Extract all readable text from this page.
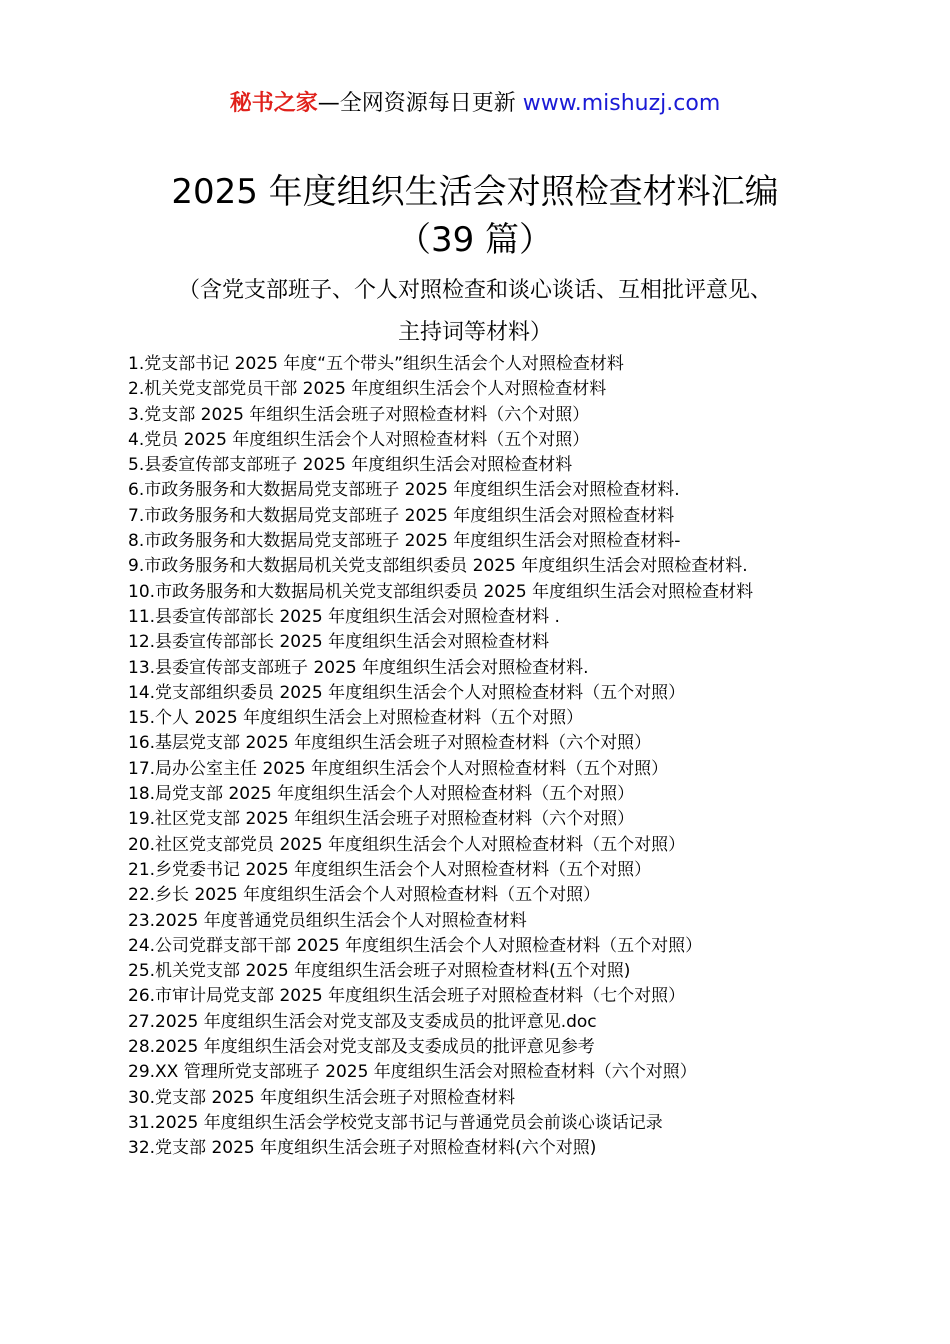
秘书之家—全网资源每日更新 www.mishuzj.com
2025 年度组织生活会对照检查材料汇编
（39 篇）
（含党支部班子、个人对照检查和谈心谈话、互相批评意见、
主持词等材料）
1.党支部书记 2025 年度“五个带头”组织生活会个人对照检查材料
2.机关党支部党员干部 2025 年度组织生活会个人对照检查材料
3.党支部 2025 年组织生活会班子对照检查材料（六个对照）
4.党员 2025 年度组织生活会个人对照检查材料（五个对照）
5.县委宣传部支部班子 2025 年度组织生活会对照检查材料
6.市政务服务和大数据局党支部班子 2025 年度组织生活会对照检查材料.
7.市政务服务和大数据局党支部班子 2025 年度组织生活会对照检查材料
8.市政务服务和大数据局党支部班子 2025 年度组织生活会对照检查材料-
9.市政务服务和大数据局机关党支部组织委员 2025 年度组织生活会对照检查材料.
10.市政务服务和大数据局机关党支部组织委员 2025 年度组织生活会对照检查材料
11.县委宣传部部长 2025 年度组织生活会对照检查材料 .
12.县委宣传部部长 2025 年度组织生活会对照检查材料
13.县委宣传部支部班子 2025 年度组织生活会对照检查材料.
14.党支部组织委员 2025 年度组织生活会个人对照检查材料（五个对照）
15.个人 2025 年度组织生活会上对照检查材料（五个对照）
16.基层党支部 2025 年度组织生活会班子对照检查材料（六个对照）
17.局办公室主任 2025 年度组织生活会个人对照检查材料（五个对照）
18.局党支部 2025 年度组织生活会个人对照检查材料（五个对照）
19.社区党支部 2025 年组织生活会班子对照检查材料（六个对照）
20.社区党支部党员 2025 年度组织生活会个人对照检查材料（五个对照）
21.乡党委书记 2025 年度组织生活会个人对照检查材料（五个对照）
22.乡长 2025 年度组织生活会个人对照检查材料（五个对照）
23.2025 年度普通党员组织生活会个人对照检查材料
24.公司党群支部干部 2025 年度组织生活会个人对照检查材料（五个对照）
25.机关党支部 2025 年度组织生活会班子对照检查材料(五个对照)
26.市审计局党支部 2025 年度组织生活会班子对照检查材料（七个对照）
27.2025 年度组织生活会对党支部及支委成员的批评意见.doc
28.2025 年度组织生活会对党支部及支委成员的批评意见参考
29.XX 管理所党支部班子 2025 年度组织生活会对照检查材料（六个对照）
30.党支部 2025 年度组织生活会班子对照检查材料
31.2025 年度组织生活会学校党支部书记与普通党员会前谈心谈话记录
32.党支部 2025 年度组织生活会班子对照检查材料(六个对照)
